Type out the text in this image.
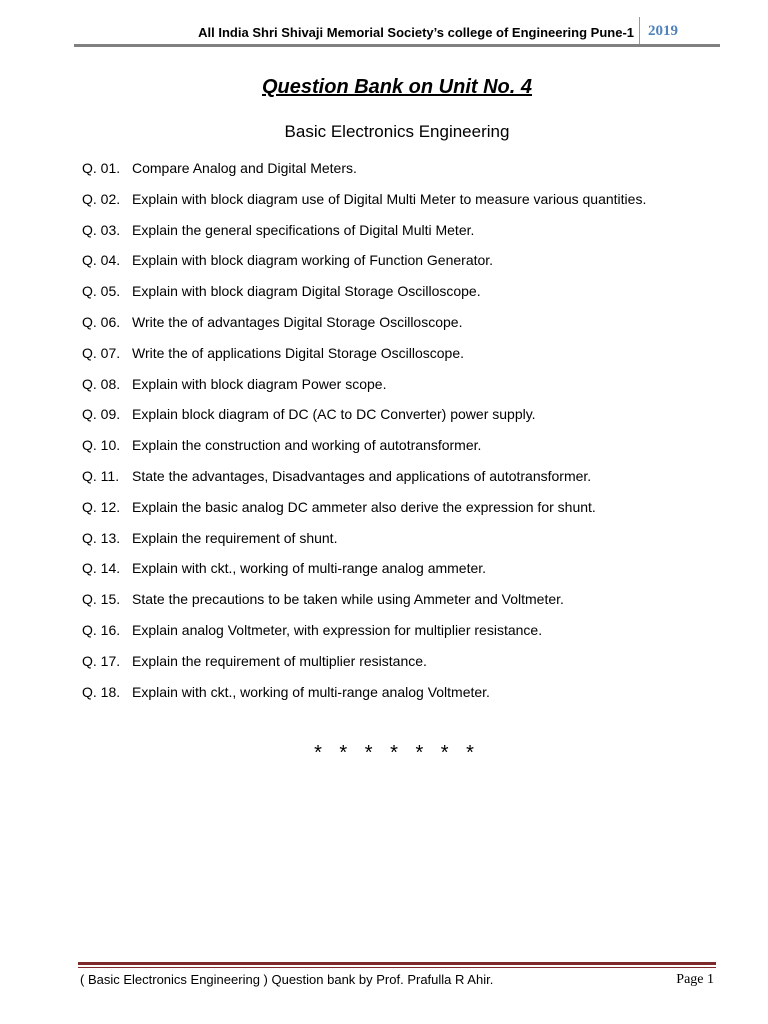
All India Shri Shivaji Memorial Society’s college of Engineering Pune-1 2019
Question Bank on Unit No. 4
Basic Electronics Engineering
Q. 01. Compare Analog and Digital Meters.
Q. 02. Explain with block diagram use of Digital Multi Meter to measure various quantities.
Q. 03. Explain the general specifications of Digital Multi Meter.
Q. 04. Explain with block diagram working of Function Generator.
Q. 05. Explain with block diagram Digital Storage Oscilloscope.
Q. 06. Write the of advantages Digital Storage Oscilloscope.
Q. 07. Write the of applications Digital Storage Oscilloscope.
Q. 08. Explain with block diagram Power scope.
Q. 09. Explain block diagram of DC (AC to DC Converter) power supply.
Q. 10. Explain the construction and working of autotransformer.
Q. 11. State the advantages, Disadvantages and applications of autotransformer.
Q. 12. Explain the basic analog DC ammeter also derive the expression for shunt.
Q. 13. Explain the requirement of shunt.
Q. 14. Explain with ckt., working of multi-range analog ammeter.
Q. 15. State the precautions to be taken while using Ammeter and Voltmeter.
Q. 16. Explain analog Voltmeter, with expression for multiplier resistance.
Q. 17. Explain the requirement of multiplier resistance.
Q. 18. Explain with ckt., working of multi-range analog Voltmeter.
* * * * * * *
( Basic Electronics Engineering ) Question bank by Prof. Prafulla R Ahir.	Page 1
